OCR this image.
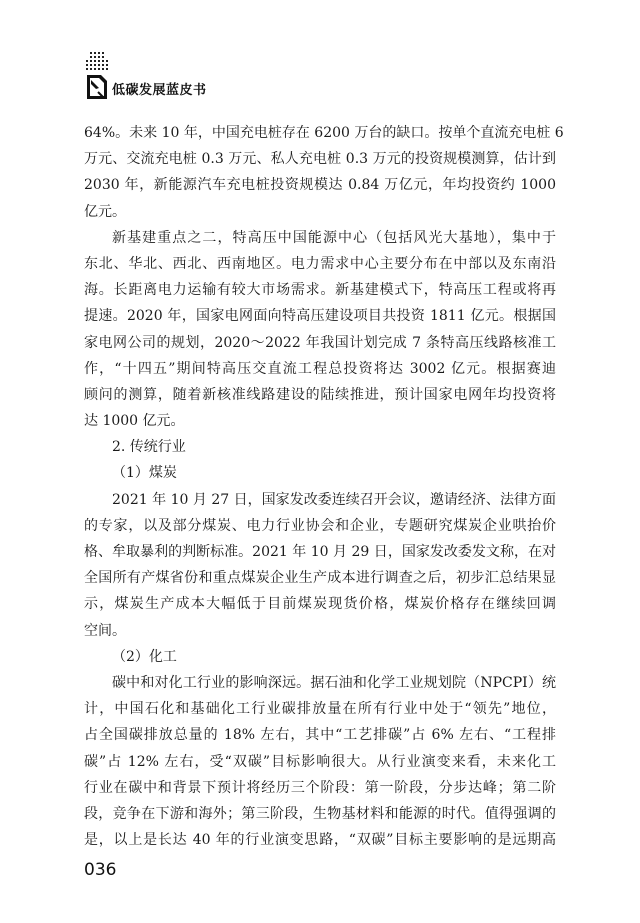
低碳发展蓝皮书
64%。未来 10 年，中国充电桩存在 6200 万台的缺口。按单个直流充电桩 6
万元、交流充电桩 0.3 万元、私人充电桩 0.3 万元的投资规模测算，估计到
2030 年，新能源汽车充电桩投资规模达 0.84 万亿元，年均投资约 1000
亿元。
新基建重点之二，特高压中国能源中心（包括风光大基地），集中于
东北、华北、西北、西南地区。电力需求中心主要分布在中部以及东南沿
海。长距离电力运输有较大市场需求。新基建模式下，特高压工程或将再
提速。2020 年，国家电网面向特高压建设项目共投资 1811 亿元。根据国
家电网公司的规划，2020～2022 年我国计划完成 7 条特高压线路核准工
作，“十四五”期间特高压交直流工程总投资将达 3002 亿元。根据赛迪
顾问的测算，随着新核准线路建设的陆续推进，预计国家电网年均投资将
达 1000 亿元。
2. 传统行业
（1）煤炭
2021 年 10 月 27 日，国家发改委连续召开会议，邀请经济、法律方面
的专家，以及部分煤炭、电力行业协会和企业，专题研究煤炭企业哄抬价
格、牟取暴利的判断标准。2021 年 10 月 29 日，国家发改委发文称，在对
全国所有产煤省份和重点煤炭企业生产成本进行调查之后，初步汇总结果显
示，煤炭生产成本大幅低于目前煤炭现货价格，煤炭价格存在继续回调
空间。
（2）化工
碳中和对化工行业的影响深远。据石油和化学工业规划院（NPCPI）统
计，中国石化和基础化工行业碳排放量在所有行业中处于“领先”地位，
占全国碳排放总量的 18% 左右，其中“工艺排碳”占 6% 左右、“工程排
碳”占 12% 左右，受“双碳”目标影响很大。从行业演变来看，未来化工
行业在碳中和背景下预计将经历三个阶段：第一阶段，分步达峰；第二阶
段，竞争在下游和海外；第三阶段，生物基材料和能源的时代。值得强调的
是，以上是长达 40 年的行业演变思路，“双碳”目标主要影响的是远期高
036
